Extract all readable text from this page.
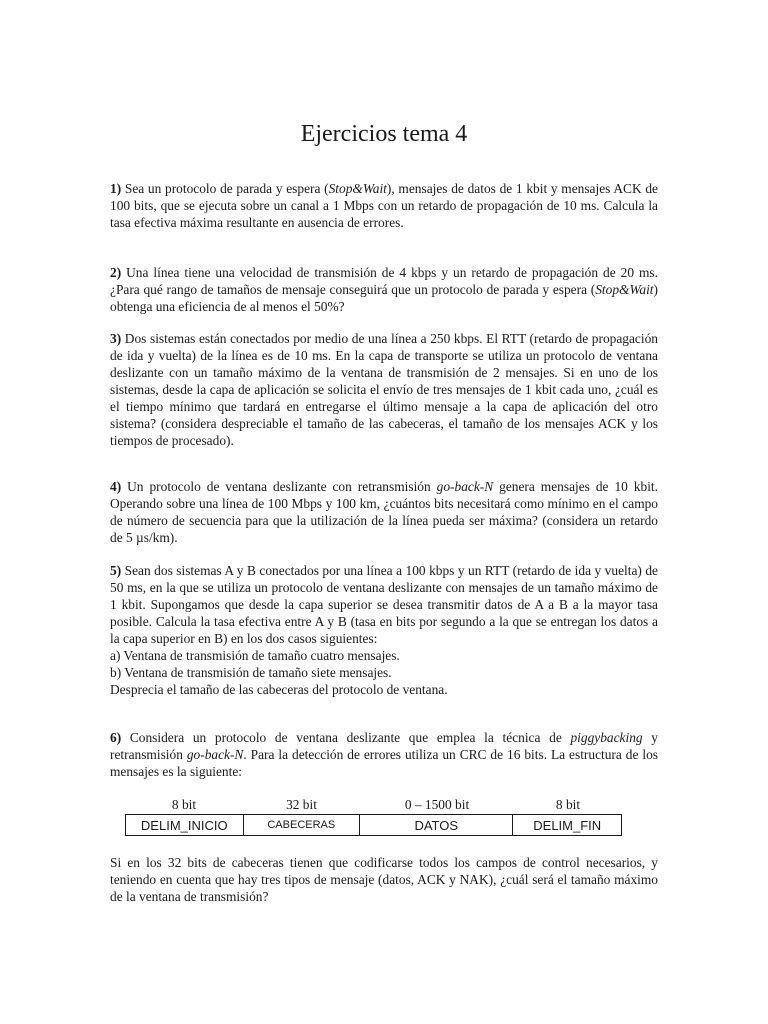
Ejercicios tema 4

1) Sea un protocolo de parada y espera (Stop&Wait), mensajes de datos de 1 kbit y mensajes ACK de 100 bits, que se ejecuta sobre un canal a 1 Mbps con un retardo de propagación de 10 ms. Calcula la tasa efectiva máxima resultante en ausencia de errores.

2) Una línea tiene una velocidad de transmisión de 4 kbps y un retardo de propagación de 20 ms. ¿Para qué rango de tamaños de mensaje conseguirá que un protocolo de parada y espera (Stop&Wait) obtenga una eficiencia de al menos el 50%?

3) Dos sistemas están conectados por medio de una línea a 250 kbps. El RTT (retardo de propagación de ida y vuelta) de la línea es de 10 ms. En la capa de transporte se utiliza un protocolo de ventana deslizante con un tamaño máximo de la ventana de transmisión de 2 mensajes. Si en uno de los sistemas, desde la capa de aplicación se solicita el envío de tres mensajes de 1 kbit cada uno, ¿cuál es el tiempo mínimo que tardará en entregarse el último mensaje a la capa de aplicación del otro sistema? (considera despreciable el tamaño de las cabeceras, el tamaño de los mensajes ACK y los tiempos de procesado).

4) Un protocolo de ventana deslizante con retransmisión go-back-N genera mensajes de 10 kbit. Operando sobre una línea de 100 Mbps y 100 km, ¿cuántos bits necesitará como mínimo en el campo de número de secuencia para que la utilización de la línea pueda ser máxima? (considera un retardo de 5 µs/km).

5) Sean dos sistemas A y B conectados por una línea a 100 kbps y un RTT (retardo de ida y vuelta) de 50 ms, en la que se utiliza un protocolo de ventana deslizante con mensajes de un tamaño máximo de 1 kbit. Supongamos que desde la capa superior se desea transmitir datos de A a B a la mayor tasa posible. Calcula la tasa efectiva entre A y B (tasa en bits por segundo a la que se entregan los datos a la capa superior en B) en los dos casos siguientes:
a) Ventana de transmisión de tamaño cuatro mensajes.
b) Ventana de transmisión de tamaño siete mensajes.
Desprecia el tamaño de las cabeceras del protocolo de ventana.

6) Considera un protocolo de ventana deslizante que emplea la técnica de piggybacking y retransmisión go-back-N. Para la detección de errores utiliza un CRC de 16 bits. La estructura de los mensajes es la siguiente:

8 bit	32 bit	0 – 1500 bit	8 bit
DELIM_INICIO	CABECERAS	DATOS	DELIM_FIN

Si en los 32 bits de cabeceras tienen que codificarse todos los campos de control necesarios, y teniendo en cuenta que hay tres tipos de mensaje (datos, ACK y NAK), ¿cuál será el tamaño máximo de la ventana de transmisión?
